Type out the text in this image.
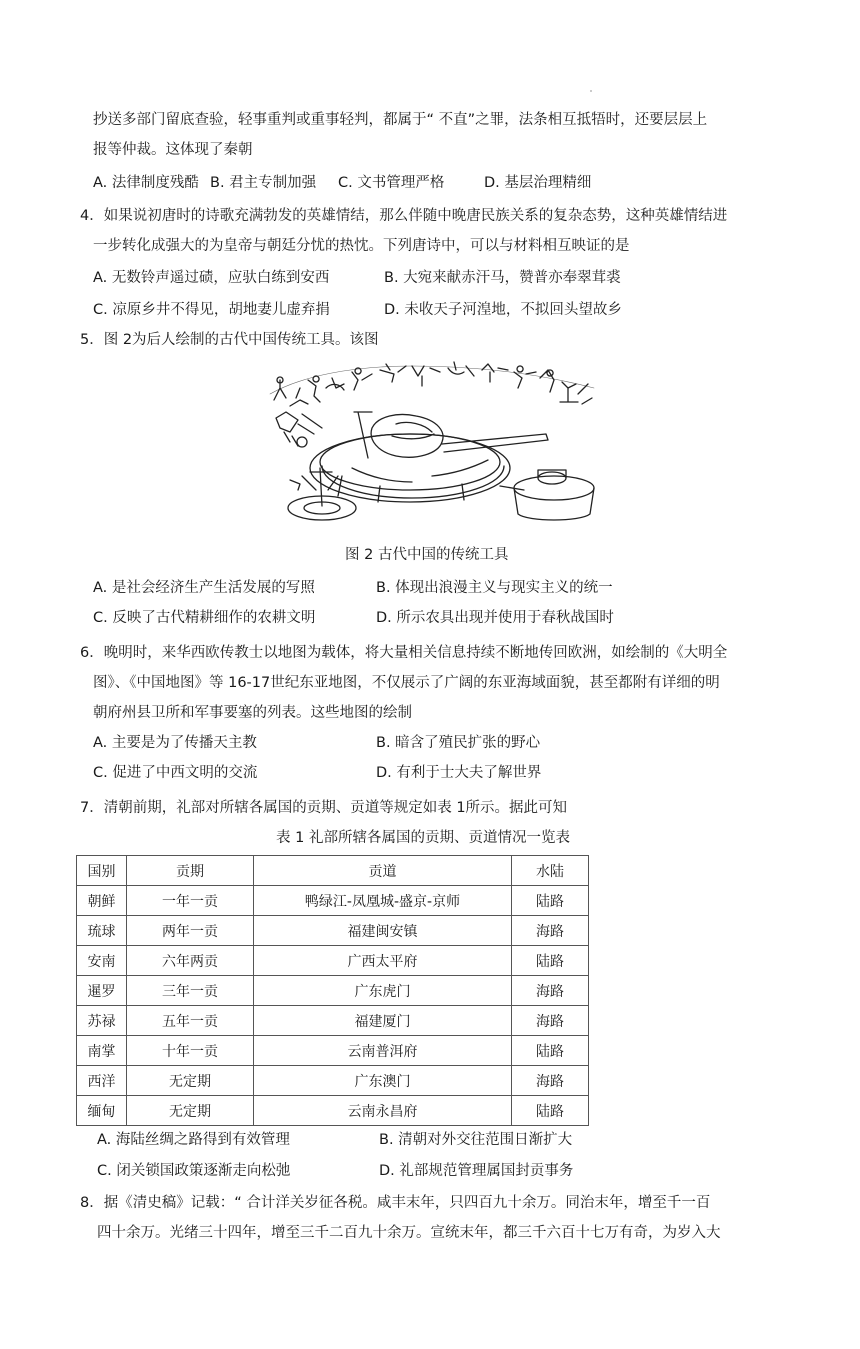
抄送多部门留底查验，轻事重判或重事轻判，都属于“ 不直”之罪，法条相互抵牾时，还要层层上
报等仲裁。这体现了秦朝
A. 法律制度残酷 B. 君主专制加强 C. 文书管理严格	D. 基层治理精细
4．如果说初唐时的诗歌充满勃发的英雄情结，那么伴随中晚唐民族关系的复杂态势，这种英雄情结进
一步转化成强大的为皇帝与朝廷分忧的热忱。下列唐诗中，可以与材料相互映证的是
A. 无数铃声遥过碛，应驮白练到安西	B. 大宛来献赤汗马，赞普亦奉翠茸裘
C. 凉原乡井不得见，胡地妻儿虚弃捐	D. 未收天子河湟地，不拟回头望故乡
5．图 2为后人绘制的古代中国传统工具。该图
图 2 古代中国的传统工具
A. 是社会经济生产生活发展的写照	B. 体现出浪漫主义与现实主义的统一
C. 反映了古代精耕细作的农耕文明	D. 所示农具出现并使用于春秋战国时
6．晚明时，来华西欧传教士以地图为载体，将大量相关信息持续不断地传回欧洲，如绘制的《大明全
图》、《中国地图》等 16-17世纪东亚地图，不仅展示了广阔的东亚海域面貌，甚至都附有详细的明
朝府州县卫所和军事要塞的列表。这些地图的绘制
A. 主要是为了传播天主教	B. 暗含了殖民扩张的野心
C. 促进了中西文明的交流	D. 有利于士大夫了解世界
7．清朝前期，礼部对所辖各属国的贡期、贡道等规定如表 1所示。据此可知
表 1 礼部所辖各属国的贡期、贡道情况一览表
国别	贡期	贡道	水陆
朝鲜	一年一贡	鸭绿江-凤凰城-盛京-京师	陆路
琉球	两年一贡	福建闽安镇	海路
安南	六年两贡	广西太平府	陆路
暹罗	三年一贡	广东虎门	海路
苏禄	五年一贡	福建厦门	海路
南掌	十年一贡	云南普洱府	陆路
西洋	无定期	广东澳门	海路
缅甸	无定期	云南永昌府	陆路
A. 海陆丝绸之路得到有效管理	B. 清朝对外交往范围日渐扩大
C. 闭关锁国政策逐渐走向松弛	D. 礼部规范管理属国封贡事务
8．据《清史稿》记载：“ 合计洋关岁征各税。咸丰末年，只四百九十余万。同治末年，增至千一百
四十余万。光绪三十四年，增至三千二百九十余万。宣统末年，都三千六百十七万有奇，为岁入大
